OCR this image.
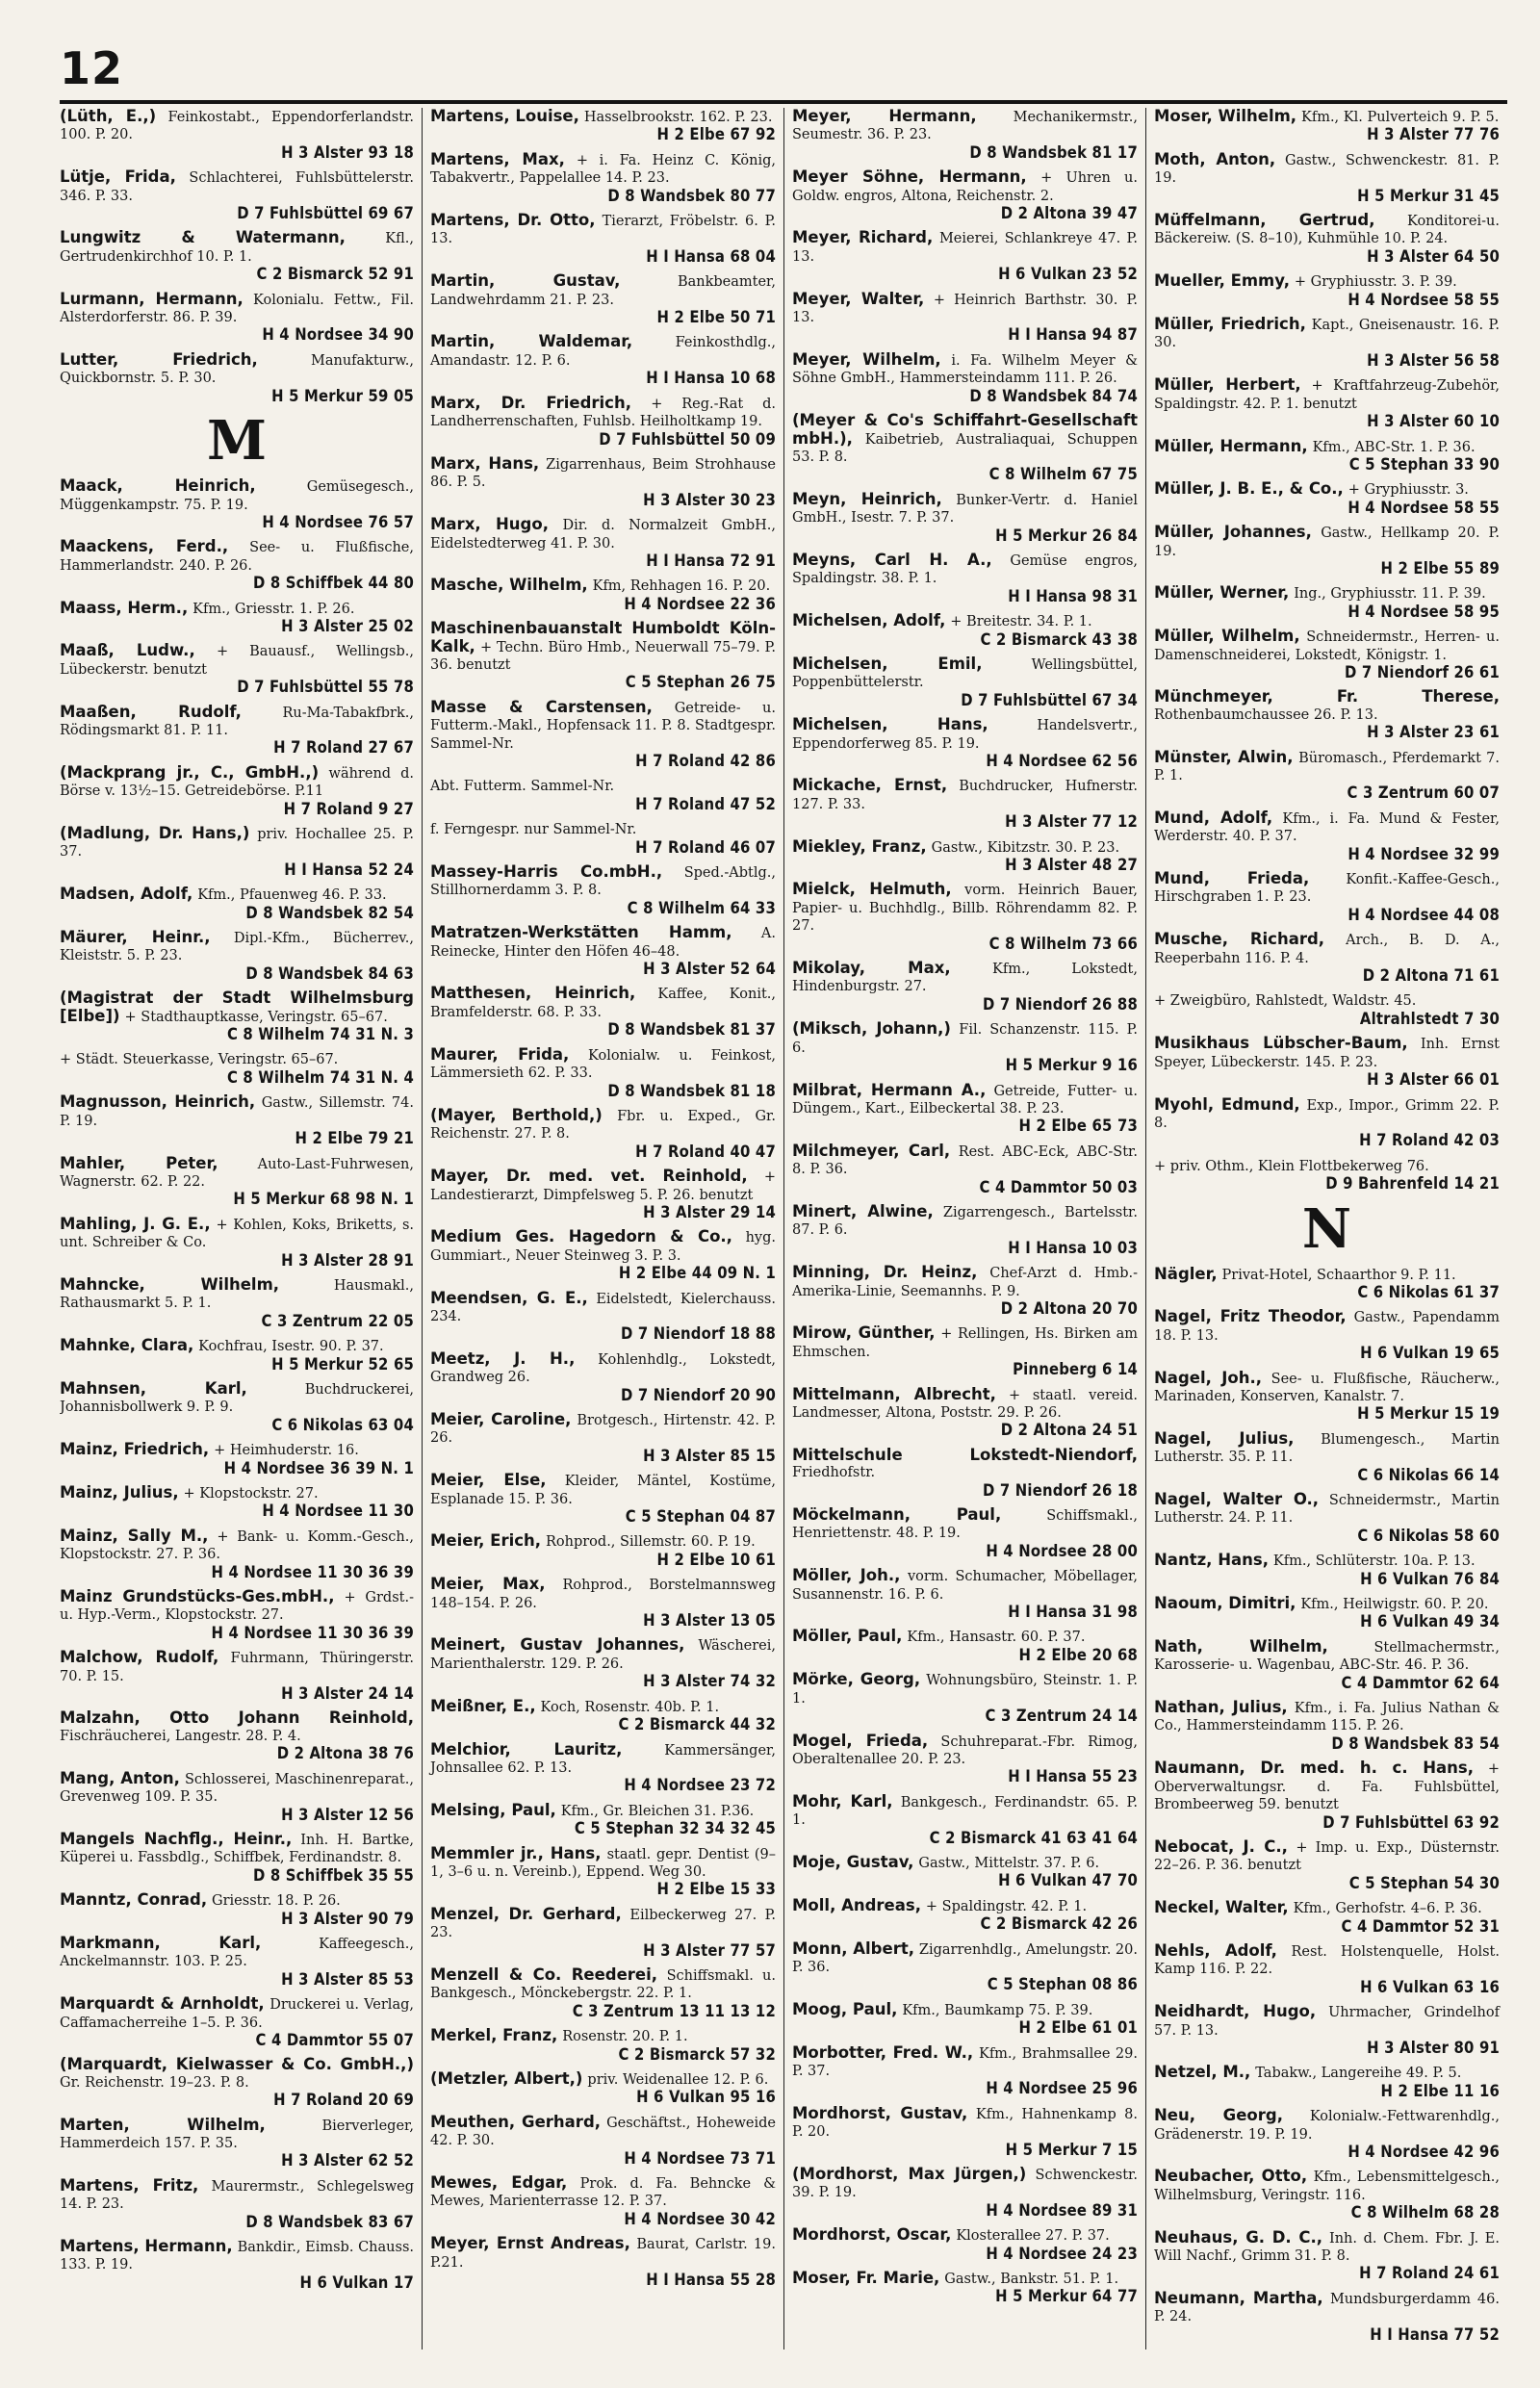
12
(Lüth, E.,) Feinkostabt., Eppendorferlandstr. 100. P. 20.
H 3 Alster 93 18
Lütje, Frida, Schlachterei, Fuhlsbüttelerstr. 346. P. 33.
D 7 Fuhlsbüttel 69 67
Lungwitz & Watermann,	Kfl., Gertrudenkirchhof 10. P. 1.
C 2 Bismarck 52 91
Lurmann, Hermann, Kolonialu. Fettw., Fil. Alsterdorferstr. 86. P. 39.
H 4 Nordsee 34 90
Lutter, Friedrich,	Manufakturw., Quickbornstr. 5. P. 30.
H 5 Merkur 59 05
M
Maack, Heinrich,	Gemüsegesch., Müggenkampstr. 75. P. 19.
H 4 Nordsee 76 57
Maackens, Ferd., See- u. Flußfische, Hammerlandstr. 240. P. 26.
D 8 Schiffbek 44 80
Maass, Herm., Kfm., Griesstr. 1. P. 26.
H 3 Alster 25 02
Maaß, Ludw., + Bauausf., Wellingsb., Lübeckerstr. benutzt
D 7 Fuhlsbüttel 55 78
Maaßen, Rudolf,	Ru-Ma-Tabakfbrk., Rödingsmarkt 81. P. 11.
H 7 Roland 27 67
(Mackprang jr., C., GmbH.,) während d. Börse v. 13½–15. Getreidebörse. P.11
H 7 Roland 9 27
(Madlung, Dr. Hans,) priv. Hochallee 25. P. 37.
H I Hansa 52 24
Madsen, Adolf, Kfm., Pfauenweg 46. P. 33.
D 8 Wandsbek 82 54
Mäurer, Heinr., Dipl.-Kfm., Bücherrev., Kleiststr. 5. P. 23.
D 8 Wandsbek 84 63
(Magistrat der Stadt Wilhelmsburg [Elbe]) + Stadthauptkasse, Veringstr. 65–67.
C 8 Wilhelm 74 31 N. 3
+ Städt. Steuerkasse, Veringstr. 65–67.
C 8 Wilhelm 74 31 N. 4
Magnusson, Heinrich, Gastw., Sillemstr. 74. P. 19.
H 2 Elbe 79 21
Mahler, Peter,	Auto-Last-Fuhrwesen, Wagnerstr. 62. P. 22.
H 5 Merkur 68 98 N. 1
Mahling, J. G. E., + Kohlen, Koks, Briketts, s. unt. Schreiber & Co.
H 3 Alster 28 91
Mahncke, Wilhelm,	Hausmakl., Rathausmarkt 5. P. 1.
C 3 Zentrum 22 05
Mahnke, Clara, Kochfrau, Isestr. 90. P. 37.
H 5 Merkur 52 65
Mahnsen, Karl,	Buchdruckerei, Johannisbollwerk 9. P. 9.
C 6 Nikolas 63 04
Mainz, Friedrich, + Heimhuderstr. 16.
H 4 Nordsee 36 39 N. 1
Mainz, Julius, + Klopstockstr. 27.
H 4 Nordsee 11 30
Mainz, Sally M., + Bank- u. Komm.-Gesch., Klopstockstr. 27. P. 36.
H 4 Nordsee 11 30 36 39
Mainz Grundstücks-Ges.mbH., + Grdst.- u. Hyp.-Verm., Klopstockstr. 27.
H 4 Nordsee 11 30 36 39
Malchow, Rudolf, Fuhrmann, Thüringerstr. 70. P. 15.
H 3 Alster 24 14
Malzahn, Otto Johann Reinhold, Fischräucherei, Langestr. 28. P. 4.
D 2 Altona 38 76
Mang, Anton, Schlosserei, Maschinenreparat., Grevenweg 109. P. 35.
H 3 Alster 12 56
Mangels Nachflg., Heinr., Inh. H. Bartke, Küperei u. Fassbdlg., Schiffbek, Ferdinandstr. 8.
D 8 Schiffbek 35 55
Manntz, Conrad, Griesstr. 18. P. 26.
H 3 Alster 90 79
Markmann, Karl,	Kaffeegesch., Anckelmannstr. 103. P. 25.
H 3 Alster 85 53
Marquardt & Arnholdt, Druckerei u. Verlag, Caffamacherreihe 1–5. P. 36.
C 4 Dammtor 55 07
(Marquardt, Kielwasser & Co. GmbH.,) Gr. Reichenstr. 19–23. P. 8.
H 7 Roland 20 69
Marten, Wilhelm,	Bierverleger, Hammerdeich 157. P. 35.
H 3 Alster 62 52
Martens, Fritz, Maurermstr., Schlegelsweg 14. P. 23.
D 8 Wandsbek 83 67
Martens, Hermann, Bankdir., Eimsb. Chauss. 133. P. 19.
H 6 Vulkan 17
Martens, Louise, Hasselbrookstr. 162. P. 23.
H 2 Elbe 67 92
Martens, Max, + i. Fa. Heinz C. König, Tabakvertr., Pappelallee 14. P. 23.
D 8 Wandsbek 80 77
Martens, Dr. Otto, Tierarzt, Fröbelstr. 6. P. 13.
H I Hansa 68 04
Martin, Gustav,	Bankbeamter, Landwehrdamm 21. P. 23.
H 2 Elbe 50 71
Martin, Waldemar,	Feinkosthdlg., Amandastr. 12. P. 6.
H I Hansa 10 68
Marx, Dr. Friedrich, + Reg.-Rat d. Landherrenschaften, Fuhlsb. Heilholtkamp 19.
D 7 Fuhlsbüttel 50 09
Marx, Hans, Zigarrenhaus, Beim Strohhause 86. P. 5.
H 3 Alster 30 23
Marx, Hugo, Dir. d. Normalzeit GmbH., Eidelstedterweg 41. P. 30.
H I Hansa 72 91
Masche, Wilhelm, Kfm, Rehhagen 16. P. 20.
H 4 Nordsee 22 36
Maschinenbauanstalt Humboldt Köln-Kalk, + Techn. Büro Hmb., Neuerwall 75–79. P. 36. benutzt
C 5 Stephan 26 75
Masse & Carstensen, Getreide- u. Futterm.-Makl., Hopfensack 11. P. 8. Stadtgespr. Sammel-Nr.
H 7 Roland 42 86
Abt. Futterm. Sammel-Nr.
H 7 Roland 47 52
f. Ferngespr. nur Sammel-Nr.
H 7 Roland 46 07
Massey-Harris Co.mbH., Sped.-Abtlg., Stillhornerdamm 3. P. 8.
C 8 Wilhelm 64 33
Matratzen-Werkstätten Hamm, A. Reinecke, Hinter den Höfen 46–48.
H 3 Alster 52 64
Matthesen, Heinrich, Kaffee, Konit., Bramfelderstr. 68. P. 33.
D 8 Wandsbek 81 37
Maurer, Frida, Kolonialw. u. Feinkost, Lämmersieth 62. P. 33.
D 8 Wandsbek 81 18
(Mayer, Berthold,) Fbr. u. Exped., Gr. Reichenstr. 27. P. 8.
H 7 Roland 40 47
Mayer, Dr. med. vet. Reinhold, + Landestierarzt, Dimpfelsweg 5. P. 26. benutzt
H 3 Alster 29 14
Medium Ges. Hagedorn & Co., hyg. Gummiart., Neuer Steinweg 3. P. 3.
H 2 Elbe 44 09 N. 1
Meendsen, G. E., Eidelstedt, Kielerchauss. 234.
D 7 Niendorf 18 88
Meetz, J. H., Kohlenhdlg., Lokstedt, Grandweg 26.
D 7 Niendorf 20 90
Meier, Caroline, Brotgesch., Hirtenstr. 42. P. 26.
H 3 Alster 85 15
Meier, Else, Kleider, Mäntel, Kostüme, Esplanade 15. P. 36.
C 5 Stephan 04 87
Meier, Erich, Rohprod., Sillemstr. 60. P. 19.
H 2 Elbe 10 61
Meier, Max, Rohprod., Borstelmannsweg 148–154. P. 26.
H 3 Alster 13 05
Meinert, Gustav Johannes, Wäscherei, Marienthalerstr. 129. P. 26.
H 3 Alster 74 32
Meißner, E., Koch, Rosenstr. 40b. P. 1.
C 2 Bismarck 44 32
Melchior, Lauritz,	Kammersänger, Johnsallee 62. P. 13.
H 4 Nordsee 23 72
Melsing, Paul, Kfm., Gr. Bleichen 31. P.36.
C 5 Stephan 32 34 32 45
Memmler jr., Hans, staatl. gepr. Dentist (9–1, 3–6 u. n. Vereinb.), Eppend. Weg 30.
H 2 Elbe 15 33
Menzel, Dr. Gerhard, Eilbeckerweg 27. P. 23.
H 3 Alster 77 57
Menzell & Co. Reederei, Schiffsmakl. u. Bankgesch., Mönckebergstr. 22. P. 1.
C 3 Zentrum 13 11 13 12
Merkel, Franz, Rosenstr. 20. P. 1.
C 2 Bismarck 57 32
(Metzler, Albert,) priv. Weidenallee 12. P. 6.
H 6 Vulkan 95 16
Meuthen, Gerhard, Geschäftst., Hoheweide 42. P. 30.
H 4 Nordsee 73 71
Mewes, Edgar, Prok. d. Fa. Behncke & Mewes, Marienterrasse 12. P. 37.
H 4 Nordsee 30 42
Meyer, Ernst Andreas, Baurat, Carlstr. 19. P.21.
H I Hansa 55 28
Meyer, Hermann,	Mechanikermstr., Seumestr. 36. P. 23.
D 8 Wandsbek 81 17
Meyer Söhne, Hermann, + Uhren u. Goldw. engros, Altona, Reichenstr. 2.
D 2 Altona 39 47
Meyer, Richard, Meierei, Schlankreye 47. P. 13.
H 6 Vulkan 23 52
Meyer, Walter, + Heinrich Barthstr. 30. P. 13.
H I Hansa 94 87
Meyer, Wilhelm, i. Fa. Wilhelm Meyer & Söhne GmbH., Hammersteindamm 111. P. 26.
D 8 Wandsbek 84 74
(Meyer & Co's Schiffahrt-Gesellschaft mbH.), Kaibetrieb, Australiaquai, Schuppen 53. P. 8.
C 8 Wilhelm 67 75
Meyn, Heinrich, Bunker-Vertr. d. Haniel GmbH., Isestr. 7. P. 37.
H 5 Merkur 26 84
Meyns, Carl H. A., Gemüse engros, Spaldingstr. 38. P. 1.
H I Hansa 98 31
Michelsen, Adolf, + Breitestr. 34. P. 1.
C 2 Bismarck 43 38
Michelsen, Emil,	Wellingsbüttel, Poppenbüttelerstr.
D 7 Fuhlsbüttel 67 34
Michelsen, Hans,	Handelsvertr., Eppendorferweg 85. P. 19.
H 4 Nordsee 62 56
Mickache, Ernst, Buchdrucker, Hufnerstr. 127. P. 33.
H 3 Alster 77 12
Miekley, Franz, Gastw., Kibitzstr. 30. P. 23.
H 3 Alster 48 27
Mielck, Helmuth, vorm. Heinrich Bauer, Papier- u. Buchhdlg., Billb. Röhrendamm 82. P. 27.
C 8 Wilhelm 73 66
Mikolay, Max,	Kfm., Lokstedt, Hindenburgstr. 27.
D 7 Niendorf 26 88
(Miksch, Johann,) Fil. Schanzenstr. 115. P. 6.
H 5 Merkur 9 16
Milbrat, Hermann A., Getreide, Futter- u. Düngem., Kart., Eilbeckertal 38. P. 23.
H 2 Elbe 65 73
Milchmeyer, Carl, Rest. ABC-Eck, ABC-Str. 8. P. 36.
C 4 Dammtor 50 03
Minert, Alwine, Zigarrengesch., Bartelsstr. 87. P. 6.
H I Hansa 10 03
Minning, Dr. Heinz, Chef-Arzt d. Hmb.-Amerika-Linie, Seemannhs. P. 9.
D 2 Altona 20 70
Mirow, Günther, + Rellingen, Hs. Birken am Ehmschen.
Pinneberg 6 14
Mittelmann, Albrecht, + staatl. vereid. Landmesser, Altona, Poststr. 29. P. 26.
D 2 Altona 24 51
Mittelschule Lokstedt-Niendorf, Friedhofstr.
D 7 Niendorf 26 18
Möckelmann, Paul,	Schiffsmakl., Henriettenstr. 48. P. 19.
H 4 Nordsee 28 00
Möller, Joh., vorm. Schumacher, Möbellager, Susannenstr. 16. P. 6.
H I Hansa 31 98
Möller, Paul, Kfm., Hansastr. 60. P. 37.
H 2 Elbe 20 68
Mörke, Georg, Wohnungsbüro, Steinstr. 1. P. 1.
C 3 Zentrum 24 14
Mogel, Frieda, Schuhreparat.-Fbr. Rimog, Oberaltenallee 20. P. 23.
H I Hansa 55 23
Mohr, Karl, Bankgesch., Ferdinandstr. 65. P. 1.
C 2 Bismarck 41 63 41 64
Moje, Gustav, Gastw., Mittelstr. 37. P. 6.
H 6 Vulkan 47 70
Moll, Andreas, + Spaldingstr. 42. P. 1.
C 2 Bismarck 42 26
Monn, Albert, Zigarrenhdlg., Amelungstr. 20. P. 36.
C 5 Stephan 08 86
Moog, Paul, Kfm., Baumkamp 75. P. 39.
H 2 Elbe 61 01
Morbotter, Fred. W., Kfm., Brahmsallee 29. P. 37.
H 4 Nordsee 25 96
Mordhorst, Gustav, Kfm., Hahnenkamp 8. P. 20.
H 5 Merkur 7 15
(Mordhorst, Max Jürgen,) Schwenckestr. 39. P. 19.
H 4 Nordsee 89 31
Mordhorst, Oscar, Klosterallee 27. P. 37.
H 4 Nordsee 24 23
Moser, Fr. Marie, Gastw., Bankstr. 51. P. 1.
H 5 Merkur 64 77
Moser, Wilhelm, Kfm., Kl. Pulverteich 9. P. 5.
H 3 Alster 77 76
Moth, Anton, Gastw., Schwenckestr. 81. P. 19.
H 5 Merkur 31 45
Müffelmann, Gertrud, Konditorei-u. Bäckereiw. (S. 8–10), Kuhmühle 10. P. 24.
H 3 Alster 64 50
Mueller, Emmy, + Gryphiusstr. 3. P. 39.
H 4 Nordsee 58 55
Müller, Friedrich, Kapt., Gneisenaustr. 16. P. 30.
H 3 Alster 56 58
Müller, Herbert, + Kraftfahrzeug-Zubehör, Spaldingstr. 42. P. 1. benutzt
H 3 Alster 60 10
Müller, Hermann, Kfm., ABC-Str. 1. P. 36.
C 5 Stephan 33 90
Müller, J. B. E., & Co., + Gryphiusstr. 3.
H 4 Nordsee 58 55
Müller, Johannes, Gastw., Hellkamp 20. P. 19.
H 2 Elbe 55 89
Müller, Werner, Ing., Gryphiusstr. 11. P. 39.
H 4 Nordsee 58 95
Müller, Wilhelm, Schneidermstr., Herren- u. Damenschneiderei, Lokstedt, Königstr. 1.
D 7 Niendorf 26 61
Münchmeyer, Fr. Therese, Rothenbaumchaussee 26. P. 13.
H 3 Alster 23 61
Münster, Alwin, Büromasch., Pferdemarkt 7. P. 1.
C 3 Zentrum 60 07
Mund, Adolf, Kfm., i. Fa. Mund & Fester, Werderstr. 40. P. 37.
H 4 Nordsee 32 99
Mund, Frieda,	Konfit.-Kaffee-Gesch., Hirschgraben 1. P. 23.
H 4 Nordsee 44 08
Musche, Richard, Arch., B. D. A., Reeperbahn 116. P. 4.
D 2 Altona 71 61
+ Zweigbüro, Rahlstedt, Waldstr. 45.
Altrahlstedt 7 30
Musikhaus Lübscher-Baum, Inh. Ernst Speyer, Lübeckerstr. 145. P. 23.
H 3 Alster 66 01
Myohl, Edmund, Exp., Impor., Grimm 22. P. 8.
H 7 Roland 42 03
+ priv. Othm., Klein Flottbekerweg 76.
D 9 Bahrenfeld 14 21
N
Nägler, Privat-Hotel, Schaarthor 9. P. 11.
C 6 Nikolas 61 37
Nagel, Fritz Theodor, Gastw., Papendamm 18. P. 13.
H 6 Vulkan 19 65
Nagel, Joh., See- u. Flußfische, Räucherw., Marinaden, Konserven, Kanalstr. 7.
H 5 Merkur 15 19
Nagel, Julius, Blumengesch., Martin Lutherstr. 35. P. 11.
C 6 Nikolas 66 14
Nagel, Walter O., Schneidermstr., Martin Lutherstr. 24. P. 11.
C 6 Nikolas 58 60
Nantz, Hans, Kfm., Schlüterstr. 10a. P. 13.
H 6 Vulkan 76 84
Naoum, Dimitri, Kfm., Heilwigstr. 60. P. 20.
H 6 Vulkan 49 34
Nath, Wilhelm,	Stellmachermstr., Karosserie- u. Wagenbau, ABC-Str. 46. P. 36.
C 4 Dammtor 62 64
Nathan, Julius, Kfm., i. Fa. Julius Nathan & Co., Hammersteindamm 115. P. 26.
D 8 Wandsbek 83 54
Naumann, Dr. med. h. c. Hans, + Oberverwaltungsr. d. Fa. Fuhlsbüttel, Brombeerweg 59. benutzt
D 7 Fuhlsbüttel 63 92
Nebocat, J. C., + Imp. u. Exp., Düsternstr. 22–26. P. 36. benutzt
C 5 Stephan 54 30
Neckel, Walter, Kfm., Gerhofstr. 4–6. P. 36.
C 4 Dammtor 52 31
Nehls, Adolf, Rest. Holstenquelle, Holst. Kamp 116. P. 22.
H 6 Vulkan 63 16
Neidhardt, Hugo, Uhrmacher, Grindelhof 57. P. 13.
H 3 Alster 80 91
Netzel, M., Tabakw., Langereihe 49. P. 5.
H 2 Elbe 11 16
Neu, Georg, Kolonialw.-Fettwarenhdlg., Grädenerstr. 19. P. 19.
H 4 Nordsee 42 96
Neubacher, Otto, Kfm., Lebensmittelgesch., Wilhelmsburg, Veringstr. 116.
C 8 Wilhelm 68 28
Neuhaus, G. D. C., Inh. d. Chem. Fbr. J. E. Will Nachf., Grimm 31. P. 8.
H 7 Roland 24 61
Neumann, Martha, Mundsburgerdamm 46. P. 24.
H I Hansa 77 52
